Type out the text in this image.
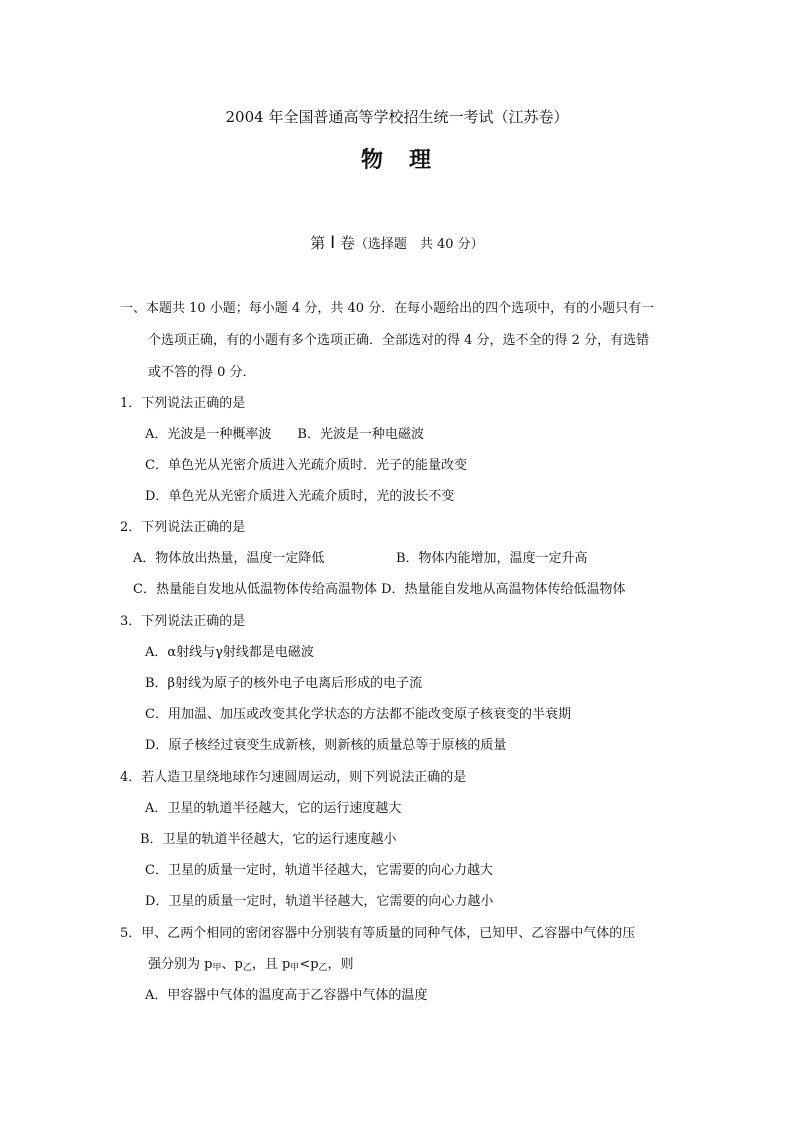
2004 年全国普通高等学校招生统一考试（江苏卷）
物　理
第 Ⅰ 卷（选择题　共 40 分）
一、本题共 10 小题；每小题 4 分，共 40 分．在每小题给出的四个选项中，有的小题只有一
个选项正确，有的小题有多个选项正确．全部选对的得 4 分，选不全的得 2 分，有选错
或不答的得 0 分．
1．下列说法正确的是
A．光波是一种概率波　　B．光波是一种电磁波
C．单色光从光密介质进入光疏介质时．光子的能量改变
D．单色光从光密介质进入光疏介质时，光的波长不变
2．下列说法正确的是
A．物体放出热量，温度一定降低	B．物体内能增加，温度一定升高
C．热量能自发地从低温物体传给高温物体 D．热量能自发地从高温物体传给低温物体
3．下列说法正确的是
A．α射线与γ射线都是电磁波
B．β射线为原子的核外电子电离后形成的电子流
C．用加温、加压或改变其化学状态的方法都不能改变原子核衰变的半衰期
D．原子核经过衰变生成新核，则新核的质量总等于原核的质量
4．若人造卫星绕地球作匀速圆周运动，则下列说法正确的是
A．卫星的轨道半径越大，它的运行速度越大
B．卫星的轨道半径越大，它的运行速度越小
C．卫星的质量一定时，轨道半径越大，它需要的向心力越大
D．卫星的质量一定时，轨道半径越大，它需要的向心力越小
5．甲、乙两个相同的密闭容器中分别装有等质量的同种气体，已知甲、乙容器中气体的压
强分别为 $p_甲$、$p_乙$，且 $p_甲<p_乙$，则
A．甲容器中气体的温度高于乙容器中气体的温度
